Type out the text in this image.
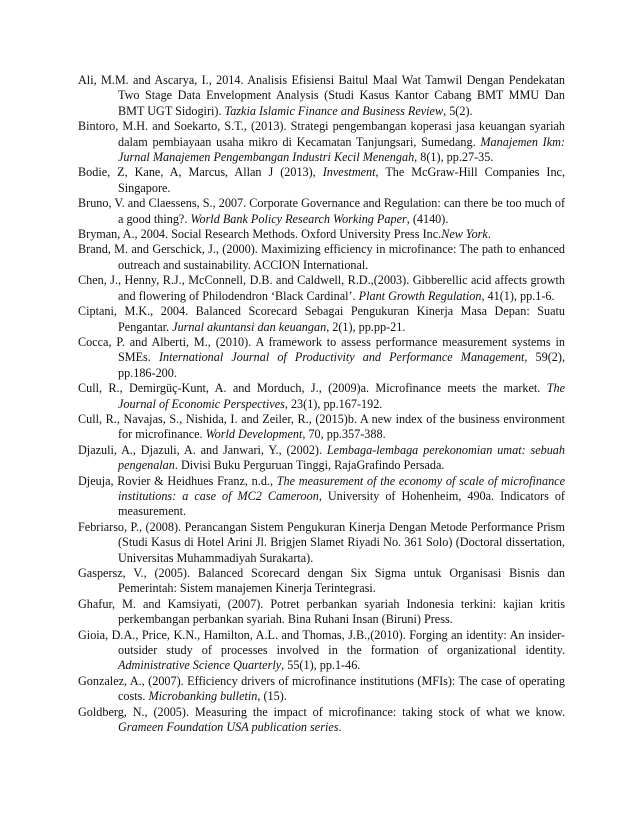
Ali, M.M. and Ascarya, I., 2014. Analisis Efisiensi Baitul Maal Wat Tamwil Dengan Pendekatan Two Stage Data Envelopment Analysis (Studi Kasus Kantor Cabang BMT MMU Dan BMT UGT Sidogiri). Tazkia Islamic Finance and Business Review, 5(2).

Bintoro, M.H. and Soekarto, S.T., (2013). Strategi pengembangan koperasi jasa keuangan syariah dalam pembiayaan usaha mikro di Kecamatan Tanjungsari, Sumedang. Manajemen Ikm: Jurnal Manajemen Pengembangan Industri Kecil Menengah, 8(1), pp.27-35.

Bodie, Z, Kane, A, Marcus, Allan J (2013), Investment, The McGraw-Hill Companies Inc, Singapore.

Bruno, V. and Claessens, S., 2007. Corporate Governance and Regulation: can there be too much of a good thing?. World Bank Policy Research Working Paper, (4140).

Bryman, A., 2004. Social Research Methods. Oxford University Press Inc.New York.

Brand, M. and Gerschick, J., (2000). Maximizing efficiency in microfinance: The path to enhanced outreach and sustainability. ACCION International.

Chen, J., Henny, R.J., McConnell, D.B. and Caldwell, R.D.,(2003). Gibberellic acid affects growth and flowering of Philodendron ‘Black Cardinal’. Plant Growth Regulation, 41(1), pp.1-6.

Ciptani, M.K., 2004. Balanced Scorecard Sebagai Pengukuran Kinerja Masa Depan: Suatu Pengantar. Jurnal akuntansi dan keuangan, 2(1), pp.pp-21.

Cocca, P. and Alberti, M., (2010). A framework to assess performance measurement systems in SMEs. International Journal of Productivity and Performance Management, 59(2), pp.186-200.

Cull, R., Demirgüç-Kunt, A. and Morduch, J., (2009)a. Microfinance meets the market. The Journal of Economic Perspectives, 23(1), pp.167-192.

Cull, R., Navajas, S., Nishida, I. and Zeiler, R., (2015)b. A new index of the business environment for microfinance. World Development, 70, pp.357-388.

Djazuli, A., Djazuli, A. and Janwari, Y., (2002). Lembaga-lembaga perekonomian umat: sebuah pengenalan. Divisi Buku Perguruan Tinggi, RajaGrafindo Persada.

Djeuja, Rovier & Heidhues Franz, n.d., The measurement of the economy of scale of microfinance institutions: a case of MC2 Cameroon, University of Hohenheim, 490a. Indicators of measurement.

Febriarso, P., (2008). Perancangan Sistem Pengukuran Kinerja Dengan Metode Performance Prism (Studi Kasus di Hotel Arini Jl. Brigjen Slamet Riyadi No. 361 Solo) (Doctoral dissertation, Universitas Muhammadiyah Surakarta).

Gaspersz, V., (2005). Balanced Scorecard dengan Six Sigma untuk Organisasi Bisnis dan Pemerintah: Sistem manajemen Kinerja Terintegrasi.

Ghafur, M. and Kamsiyati, (2007). Potret perbankan syariah Indonesia terkini: kajian kritis perkembangan perbankan syariah. Bina Ruhani Insan (Biruni) Press.

Gioia, D.A., Price, K.N., Hamilton, A.L. and Thomas, J.B.,(2010). Forging an identity: An insider-outsider study of processes involved in the formation of organizational identity. Administrative Science Quarterly, 55(1), pp.1-46.

Gonzalez, A., (2007). Efficiency drivers of microfinance institutions (MFIs): The case of operating costs. Microbanking bulletin, (15).

Goldberg, N., (2005). Measuring the impact of microfinance: taking stock of what we know. Grameen Foundation USA publication series.
